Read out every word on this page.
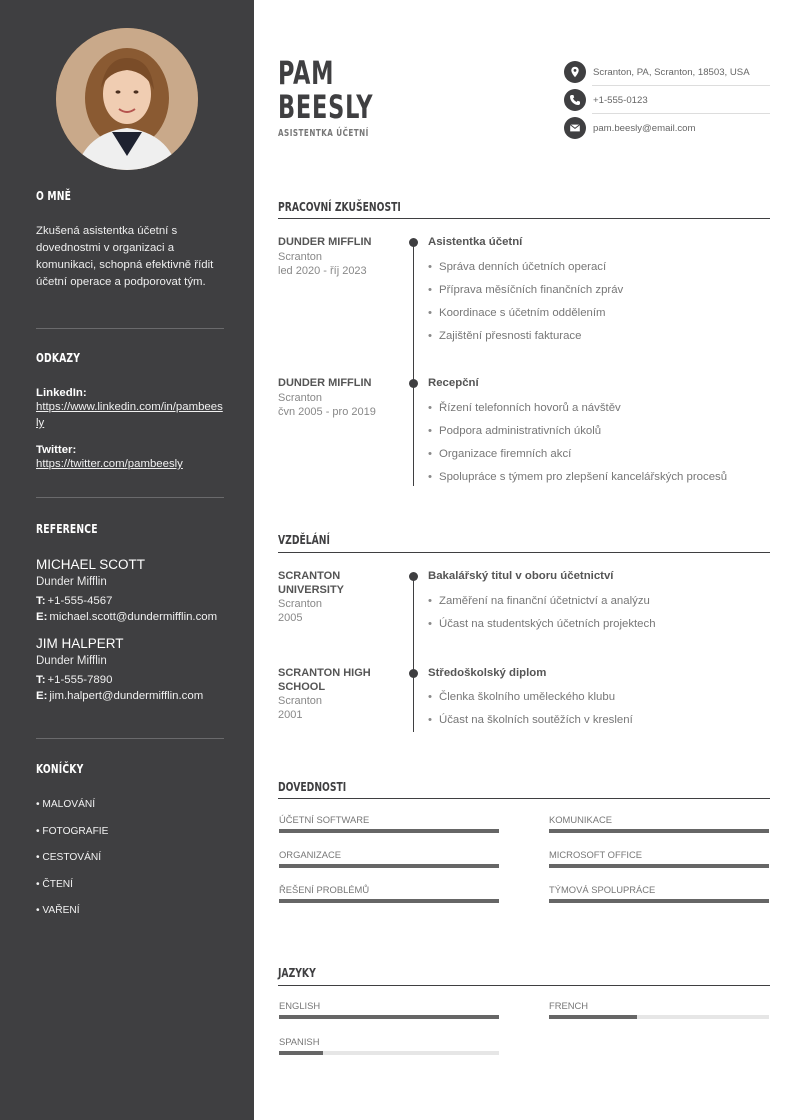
O MNĚ
Zkušená asistentka účetní s dovednostmi v organizaci a komunikaci, schopná efektivně řídit účetní operace a podporovat tým.
ODKAZY
LinkedIn:
https://www.linkedin.com/in/pambeesly
Twitter:
https://twitter.com/pambeesly
REFERENCE
MICHAEL SCOTT
Dunder Mifflin
T: +1-555-4567
E: michael.scott@dundermifflin.com
JIM HALPERT
Dunder Mifflin
T: +1-555-7890
E: jim.halpert@dundermifflin.com
KONÍČKY
• MALOVÁNÍ
• FOTOGRAFIE
• CESTOVÁNÍ
• ČTENÍ
• VAŘENÍ
PAM
BEESLY
ASISTENTKA ÚČETNÍ
Scranton, PA, Scranton, 18503, USA
+1-555-0123
pam.beesly@email.com
PRACOVNÍ ZKUŠENOSTI
DUNDER MIFFLIN
Scranton
led 2020 - říj 2023
Asistentka účetní
• Správa denních účetních operací
• Příprava měsíčních finančních zpráv
• Koordinace s účetním oddělením
• Zajištění přesnosti fakturace
DUNDER MIFFLIN
Scranton
čvn 2005 - pro 2019
Recepční
• Řízení telefonních hovorů a návštěv
• Podpora administrativních úkolů
• Organizace firemních akcí
• Spolupráce s týmem pro zlepšení kancelářských procesů
VZDĚLÁNÍ
SCRANTON UNIVERSITY
Scranton
2005
Bakalářský titul v oboru účetnictví
• Zaměření na finanční účetnictví a analýzu
• Účast na studentských účetních projektech
SCRANTON HIGH SCHOOL
Scranton
2001
Středoškolský diplom
• Členka školního uměleckého klubu
• Účast na školních soutěžích v kreslení
DOVEDNOSTI
ÚČETNÍ SOFTWARE	KOMUNIKACE
ORGANIZACE	MICROSOFT OFFICE
ŘEŠENÍ PROBLÉMŮ	TÝMOVÁ SPOLUPRÁCE
JAZYKY
ENGLISH	FRENCH
SPANISH
